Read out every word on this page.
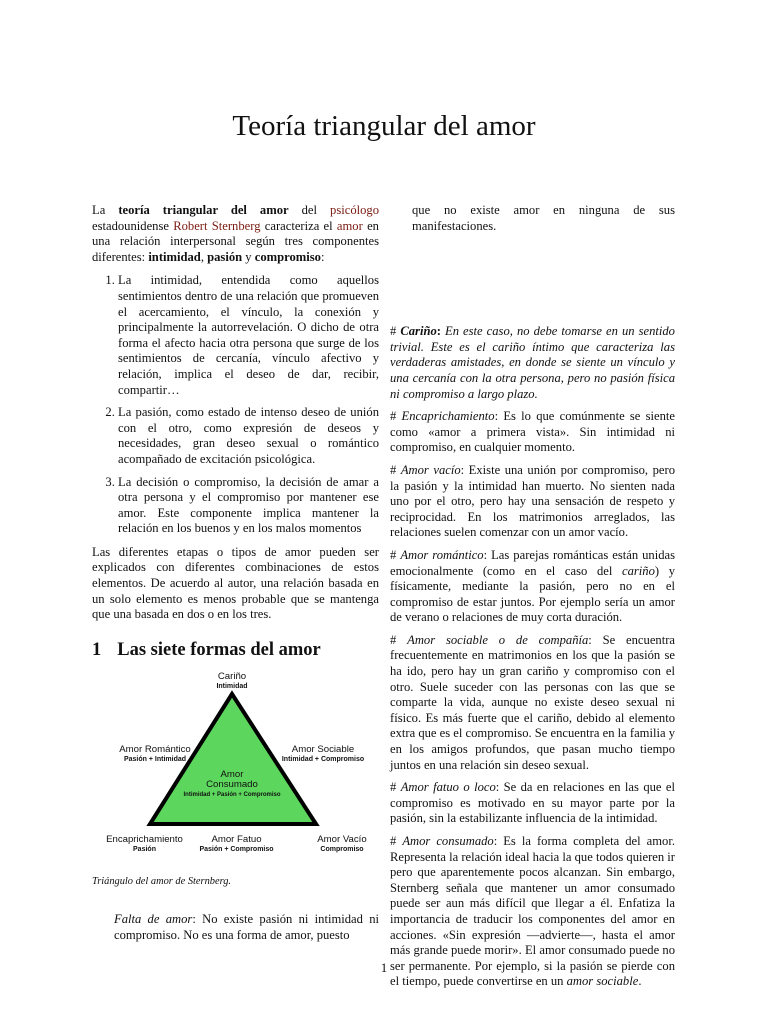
Teoría triangular del amor

La teoría triangular del amor del psicólogo estadounidense Robert Sternberg caracteriza el amor en una relación interpersonal según tres componentes diferentes: intimidad, pasión y compromiso:

1. La intimidad, entendida como aquellos sentimientos dentro de una relación que promueven el acercamiento, el vínculo, la conexión y principalmente la autorrevelación. O dicho de otra forma el afecto hacia otra persona que surge de los sentimientos de cercanía, vínculo afectivo y relación, implica el deseo de dar, recibir, compartir…
2. La pasión, como estado de intenso deseo de unión con el otro, como expresión de deseos y necesidades, gran deseo sexual o romántico acompañado de excitación psicológica.
3. La decisión o compromiso, la decisión de amar a otra persona y el compromiso por mantener ese amor. Este componente implica mantener la relación en los buenos y en los malos momentos

Las diferentes etapas o tipos de amor pueden ser explicados con diferentes combinaciones de estos elementos. De acuerdo al autor, una relación basada en un solo elemento es menos probable que se mantenga que una basada en dos o en los tres.

1 Las siete formas del amor
Cariño
Intimidad
Amor Romántico
Pasión + Intimidad
Amor Sociable
Intimidad + Compromiso
Amor
Consumado
Intimidad + Pasión + Compromiso
Encaprichamiento
Pasión
Amor Fatuo
Pasión + Compromiso
Amor Vacío
Compromiso

Triángulo del amor de Sternberg.

Falta de amor: No existe pasión ni intimidad ni compromiso. No es una forma de amor, puesto

que no existe amor en ninguna de sus manifestaciones.

# Cariño: En este caso, no debe tomarse en un sentido trivial. Este es el cariño íntimo que caracteriza las verdaderas amistades, en donde se siente un vínculo y una cercanía con la otra persona, pero no pasión física ni compromiso a largo plazo.

# Encaprichamiento: Es lo que comúnmente se siente como «amor a primera vista». Sin intimidad ni compromiso, en cualquier momento.

# Amor vacío: Existe una unión por compromiso, pero la pasión y la intimidad han muerto. No sienten nada uno por el otro, pero hay una sensación de respeto y reciprocidad. En los matrimonios arreglados, las relaciones suelen comenzar con un amor vacío.

# Amor romántico: Las parejas románticas están unidas emocionalmente (como en el caso del cariño) y físicamente, mediante la pasión, pero no en el compromiso de estar juntos. Por ejemplo sería un amor de verano o relaciones de muy corta duración.

# Amor sociable o de compañía: Se encuentra frecuentemente en matrimonios en los que la pasión se ha ido, pero hay un gran cariño y compromiso con el otro. Suele suceder con las personas con las que se comparte la vida, aunque no existe deseo sexual ni físico. Es más fuerte que el cariño, debido al elemento extra que es el compromiso. Se encuentra en la familia y en los amigos profundos, que pasan mucho tiempo juntos en una relación sin deseo sexual.

# Amor fatuo o loco: Se da en relaciones en las que el compromiso es motivado en su mayor parte por la pasión, sin la estabilizante influencia de la intimidad.

# Amor consumado: Es la forma completa del amor. Representa la relación ideal hacia la que todos quieren ir pero que aparentemente pocos alcanzan. Sin embargo, Sternberg señala que mantener un amor consumado puede ser aun más difícil que llegar a él. Enfatiza la importancia de traducir los componentes del amor en acciones. «Sin expresión —advierte—, hasta el amor más grande puede morir». El amor consumado puede no ser permanente. Por ejemplo, si la pasión se pierde con el tiempo, puede convertirse en un amor sociable.

1
